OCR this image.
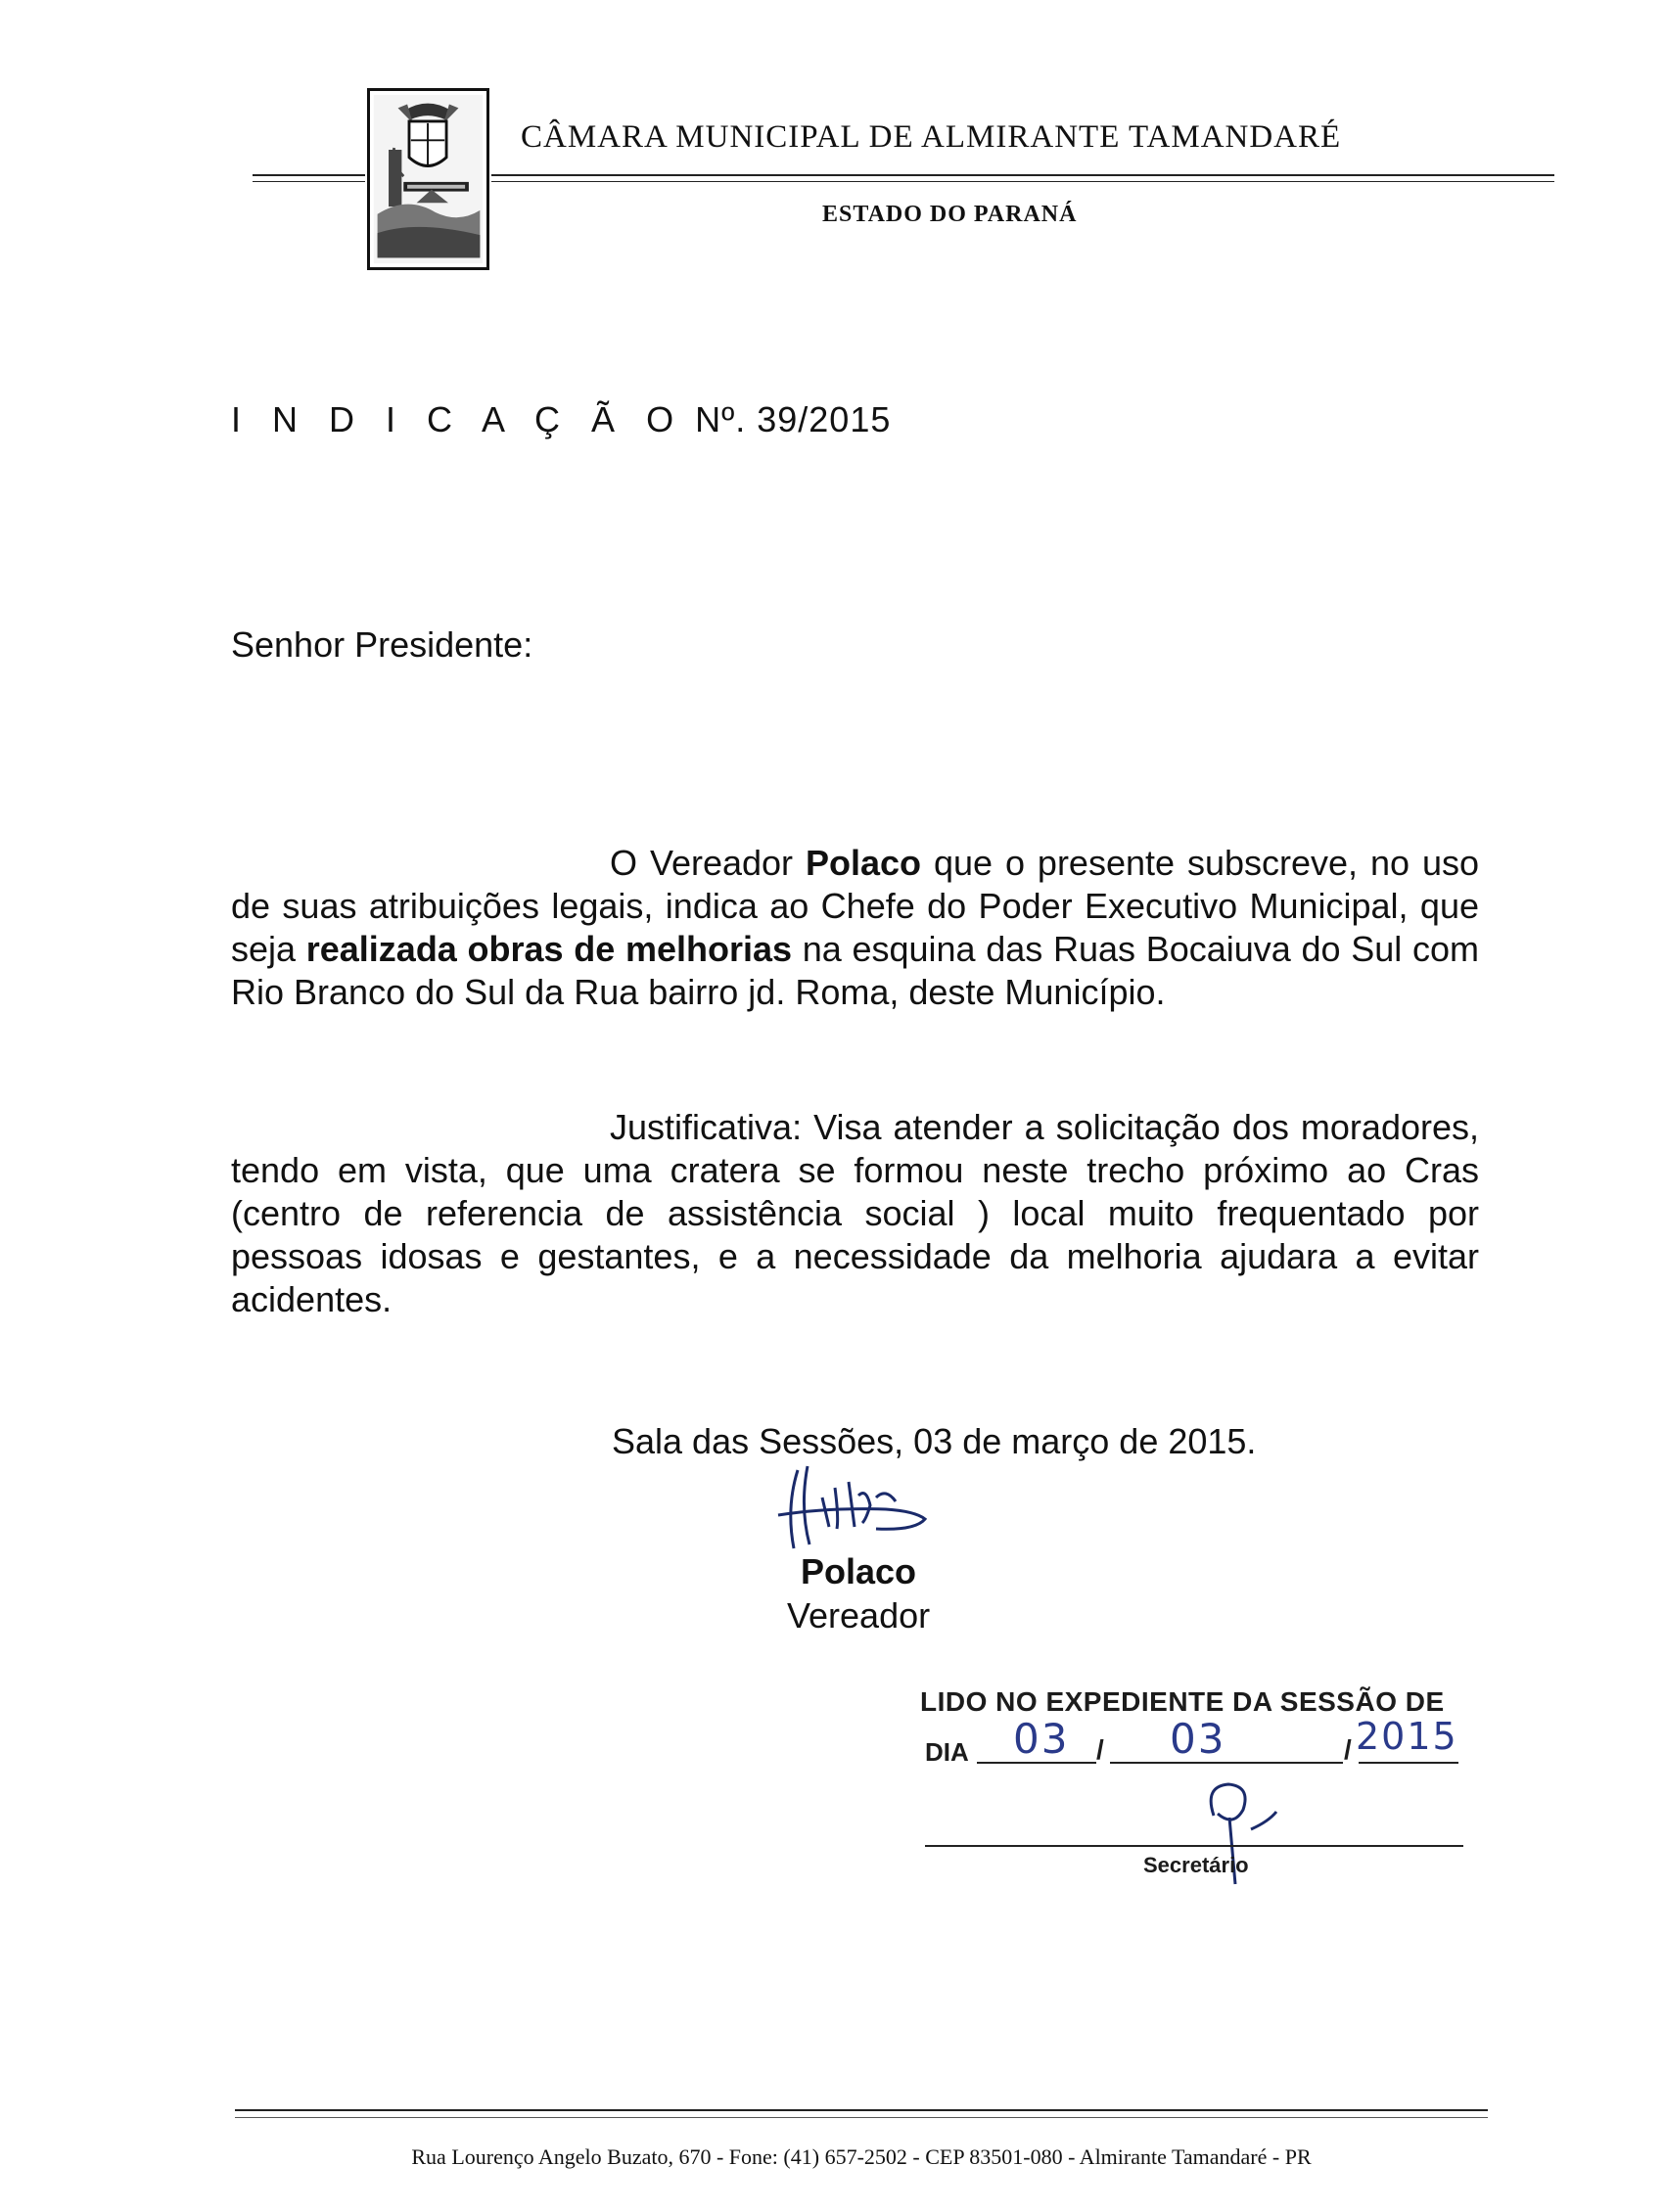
CÂMARA MUNICIPAL DE ALMIRANTE TAMANDARÉ
ESTADO DO PARANÁ
I N D I C A Ç Ã O Nº. 39/2015
Senhor Presidente:
O Vereador Polaco que o presente subscreve, no uso de suas atribuições legais, indica ao Chefe do Poder Executivo Municipal, que seja realizada obras de melhorias na esquina das Ruas Bocaiuva do Sul com Rio Branco do Sul da Rua bairro jd. Roma, deste Município.
Justificativa: Visa atender a solicitação dos moradores, tendo em vista, que uma cratera se formou neste trecho próximo ao Cras (centro de referencia de assistência social ) local muito frequentado por pessoas idosas e gestantes, e a necessidade da melhoria ajudara a evitar acidentes.
Sala das Sessões, 03 de março de 2015.
Polaco
Vereador
LIDO NO EXPEDIENTE DA SESSÃO DE
DIA 03 / 03	/ 2015
Secretário
Rua Lourenço Angelo Buzato, 670 - Fone: (41) 657-2502 - CEP 83501-080 - Almirante Tamandaré - PR
